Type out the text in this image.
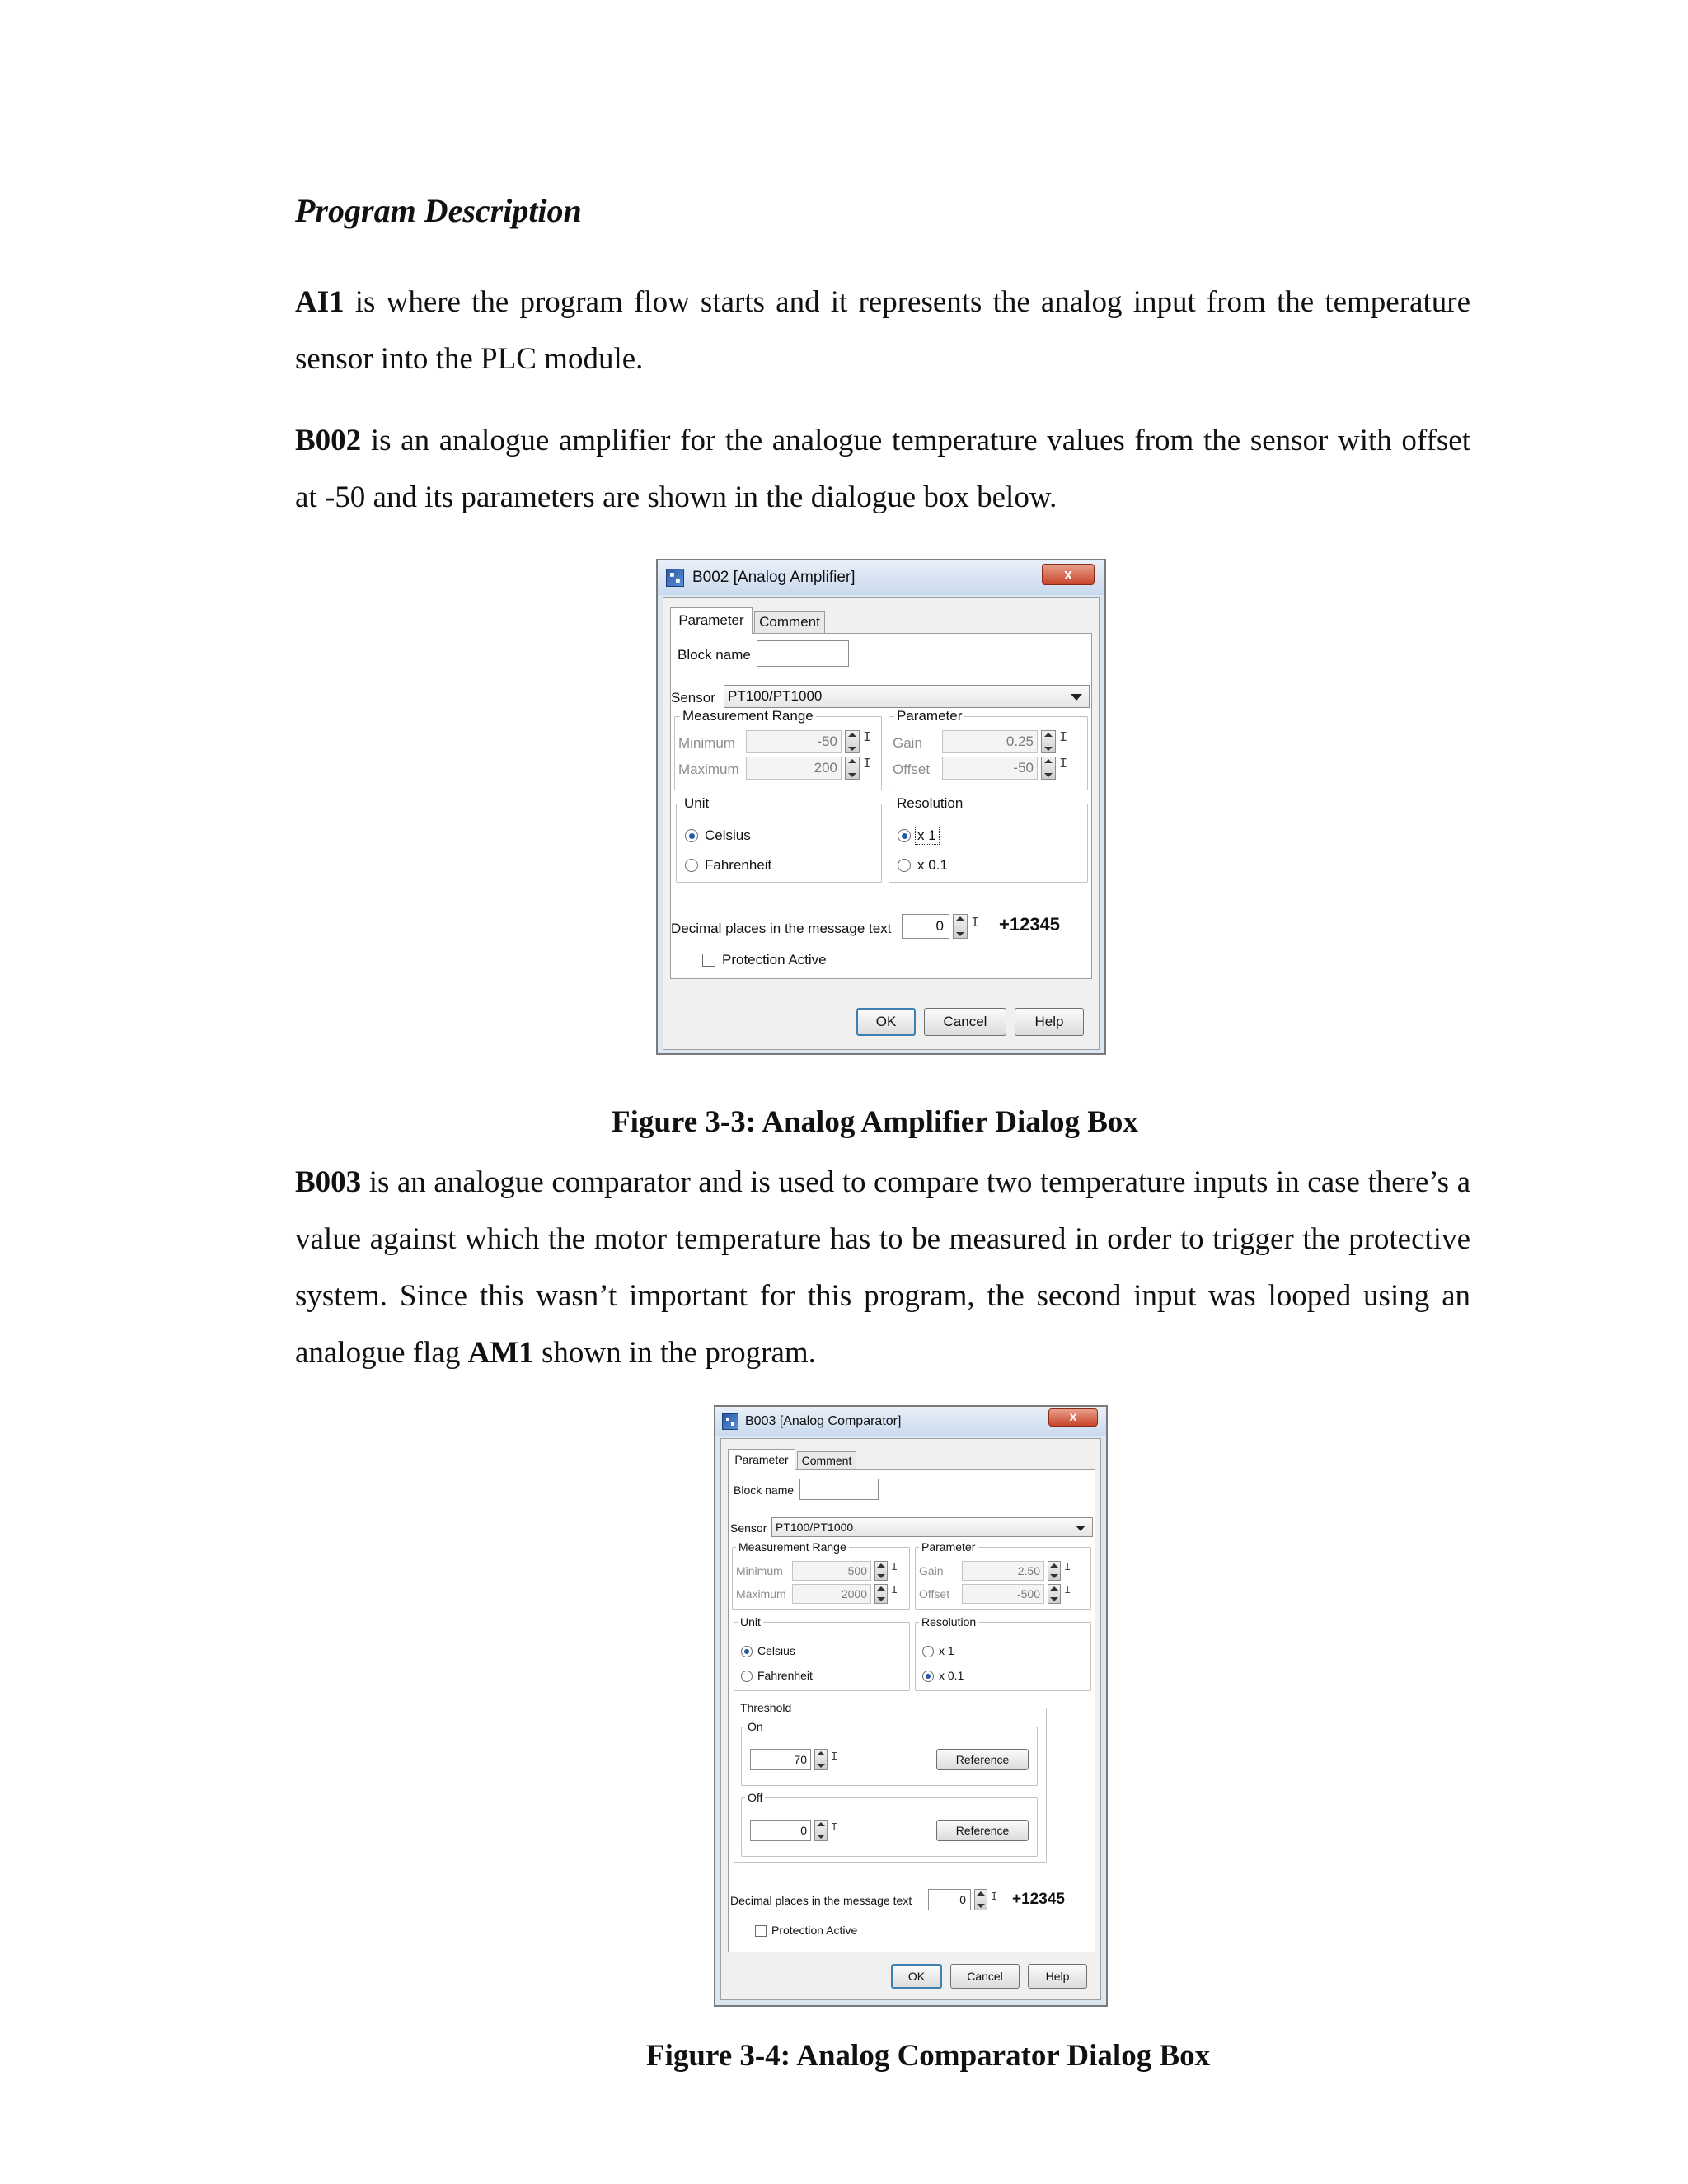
Program Description
AI1 is where the program flow starts and it represents the analog input from the temperature sensor into the PLC module.
B002 is an analogue amplifier for the analogue temperature values from the sensor with offset at -50 and its parameters are shown in the dialogue box below.
B002 [Analog Amplifier]	x
Parameter	Comment
Block name
Sensor PT100/PT1000
Measurement Range
Minimum	-50 I
Maximum	200 I
Parameter
Gain	0.25 I
Offset	-50 I
Unit
Celsius
Fahrenheit
Resolution
x 1
x 0.1
Decimal places in the message text	0	I +12345
Protection Active
OK	Cancel	Help
Figure 3-3: Analog Amplifier Dialog Box
B003 is an analogue comparator and is used to compare two temperature inputs in case there’s a value against which the motor temperature has to be measured in order to trigger the protective system. Since this wasn’t important for this program, the second input was looped using an analogue flag AM1 shown in the program.
B003 [Analog Comparator]	x
Parameter	Comment
Block name
Sensor PT100/PT1000
Measurement Range
Minimum	-500	I
Maximum	2000	I
Parameter
Gain	2.50	I
Offset	-500	I
Unit
Celsius
Fahrenheit
Resolution
x 1
x 0.1
Threshold
On
70	I	Reference
Off
0	I	Reference
Decimal places in the message text	0	I +12345
Protection Active
OK	Cancel	Help
Figure 3-4: Analog Comparator Dialog Box
